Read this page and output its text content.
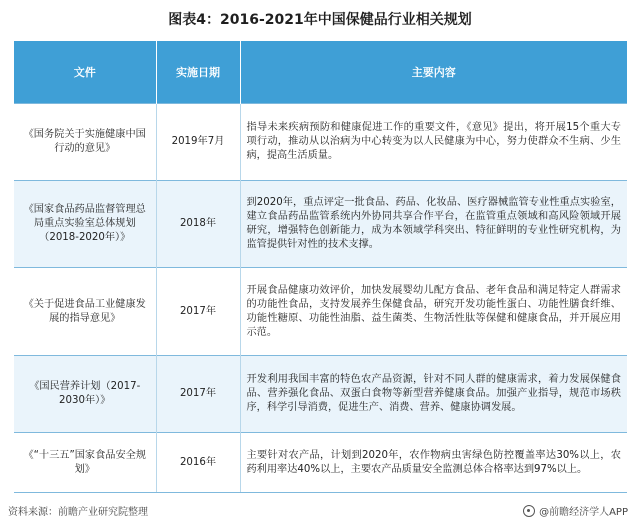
图表4：2016-2021年中国保健品行业相关规划
文件	实施日期	主要内容
《国务院关于实施健康中国行动的意见》	2019年7月	指导未来疾病预防和健康促进工作的重要文件，《意见》提出，将开展15个重大专项行动，推动从以治病为中心转变为以人民健康为中心，努力使群众不生病、少生病，提高生活质量。
《国家食品药品监督管理总局重点实验室总体规划（2018-2020年）》	2018年	到2020年，重点评定一批食品、药品、化妆品、医疗器械监管专业性重点实验室，建立食品药品监管系统内外协同共享合作平台，在监管重点领域和高风险领域开展研究，增强特色创新能力，成为本领域学科突出、特征鲜明的专业性研究机构，为监管提供针对性的技术支撑。
《关于促进食品工业健康发展的指导意见》	2017年	开展食品健康功效评价，加快发展婴幼儿配方食品、老年食品和满足特定人群需求的功能性食品，支持发展养生保健食品，研究开发功能性蛋白、功能性膳食纤维、功能性糖原、功能性油脂、益生菌类、生物活性肽等保健和健康食品，并开展应用示范。
《国民营养计划（2017-2030年）》	2017年	开发利用我国丰富的特色农产品资源，针对不同人群的健康需求，着力发展保健食品、营养强化食品、双蛋白食物等新型营养健康食品。加强产业指导，规范市场秩序，科学引导消费，促进生产、消费、营养、健康协调发展。
《“十三五”国家食品安全规划》	2016年	主要针对农产品，计划到2020年，农作物病虫害绿色防控覆盖率达30%以上，农药利用率达40%以上，主要农产品质量安全监测总体合格率达到97%以上。
资料来源：前瞻产业研究院整理	@前瞻经济学人APP
